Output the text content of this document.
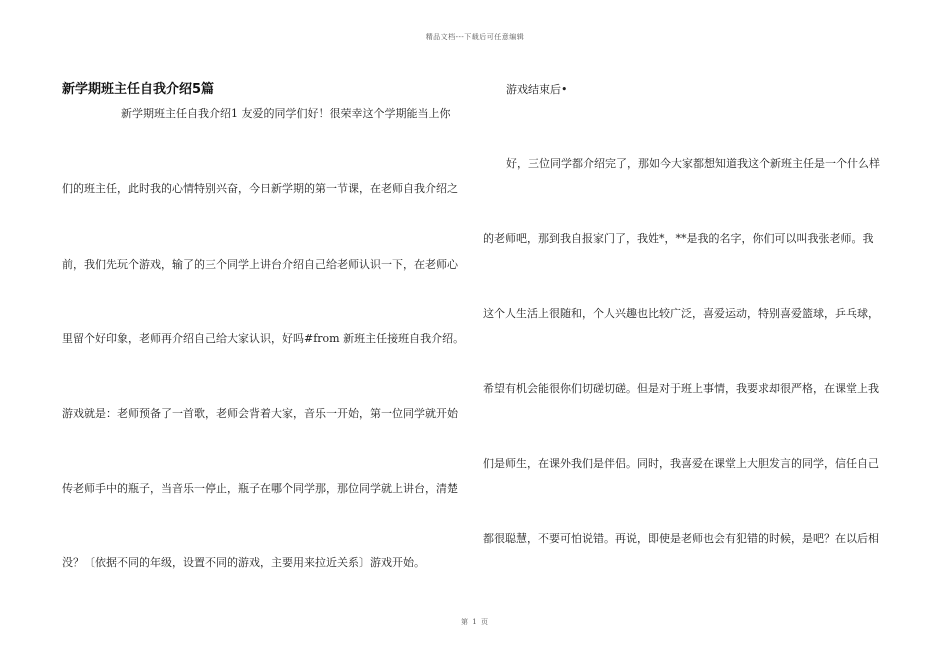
精品文档---下载后可任意编辑
新学期班主任自我介绍5篇
新学期班主任自我介绍1 友爱的同学们好！很荣幸这个学期能当上你
们的班主任，此时我的心情特别兴奋，今日新学期的第一节课，在老师自我介绍之
前，我们先玩个游戏，输了的三个同学上讲台介绍自己给老师认识一下，在老师心
里留个好印象，老师再介绍自己给大家认识，好吗#from 新班主任接班自我介绍。
游戏就是：老师预备了一首歌，老师会背着大家，音乐一开始，第一位同学就开始
传老师手中的瓶子，当音乐一停止，瓶子在哪个同学那，那位同学就上讲台，清楚
没？〔依据不同的年级，设置不同的游戏，主要用来拉近关系〕游戏开始。
游戏结束后•
好，三位同学都介绍完了，那如今大家都想知道我这个新班主任是一个什么样
的老师吧，那到我自报家门了，我姓*，**是我的名字，你们可以叫我张老师。我
这个人生活上很随和，个人兴趣也比较广泛，喜爱运动，特别喜爱篮球，乒乓球，
希望有机会能很你们切磋切磋。但是对于班上事情，我要求却很严格，在课堂上我
们是师生，在课外我们是伴侣。同时，我喜爱在课堂上大胆发言的同学，信任自己
都很聪慧，不要可怕说错。再说，即使是老师也会有犯错的时候，是吧？在以后相
第 1 页
